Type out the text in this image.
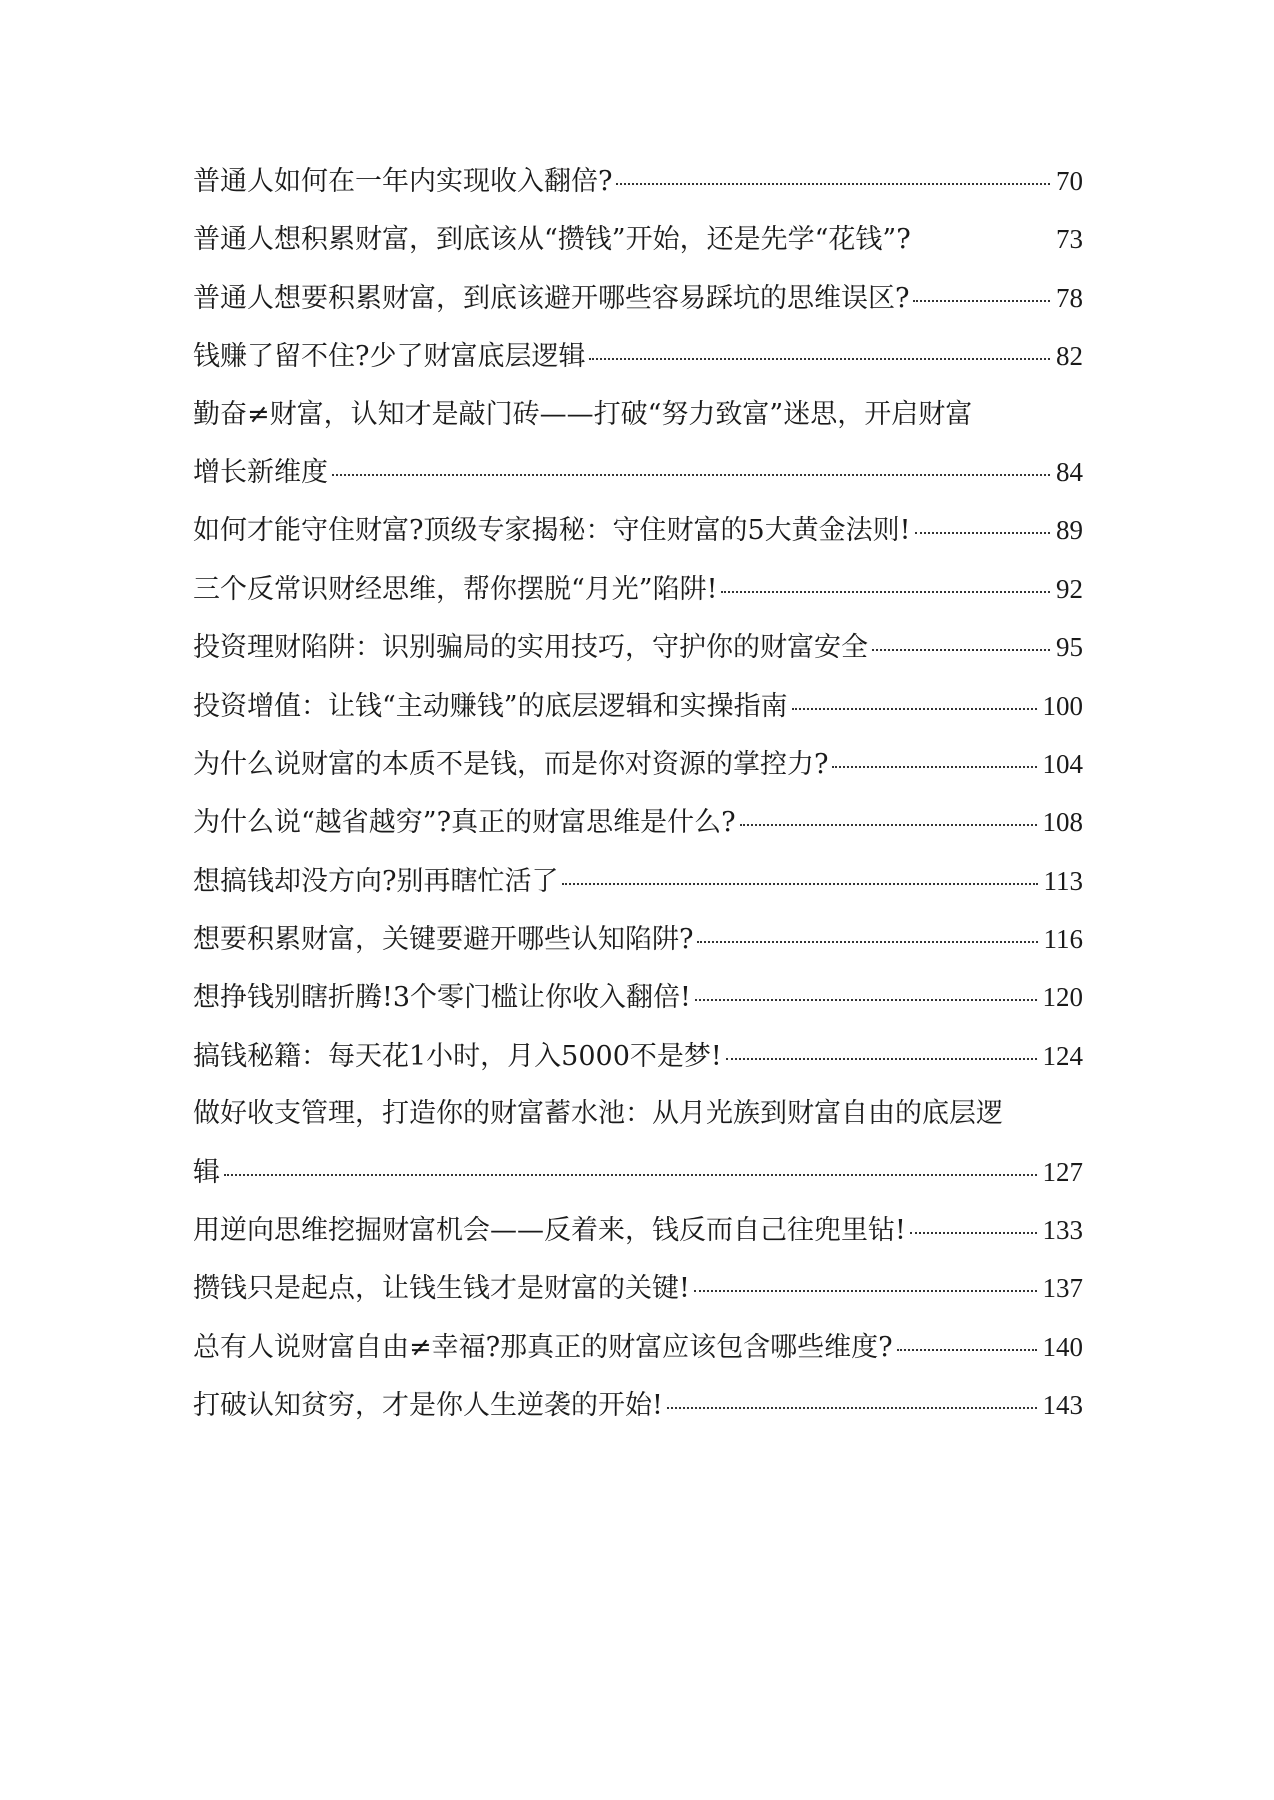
普通人如何在一年内实现收入翻倍?	70
普通人想积累财富，到底该从“攒钱”开始，还是先学“花钱”?	73
普通人想要积累财富，到底该避开哪些容易踩坑的思维误区?	78
钱赚了留不住?少了财富底层逻辑	82
勤奋≠财富，认知才是敲门砖——打破“努力致富”迷思，开启财富
增长新维度	84
如何才能守住财富?顶级专家揭秘：守住财富的5大黄金法则!	89
三个反常识财经思维，帮你摆脱“月光”陷阱!	92
投资理财陷阱：识别骗局的实用技巧，守护你的财富安全	95
投资增值：让钱“主动赚钱”的底层逻辑和实操指南	100
为什么说财富的本质不是钱，而是你对资源的掌控力?	104
为什么说“越省越穷”?真正的财富思维是什么?	108
想搞钱却没方向?别再瞎忙活了	113
想要积累财富，关键要避开哪些认知陷阱?	116
想挣钱别瞎折腾!3个零门槛让你收入翻倍!	120
搞钱秘籍：每天花1小时，月入5000不是梦!	124
做好收支管理，打造你的财富蓄水池：从月光族到财富自由的底层逻
辑	127
用逆向思维挖掘财富机会——反着来，钱反而自己往兜里钻!	133
攒钱只是起点，让钱生钱才是财富的关键!	137
总有人说财富自由≠幸福?那真正的财富应该包含哪些维度?	140
打破认知贫穷，才是你人生逆袭的开始!	143
